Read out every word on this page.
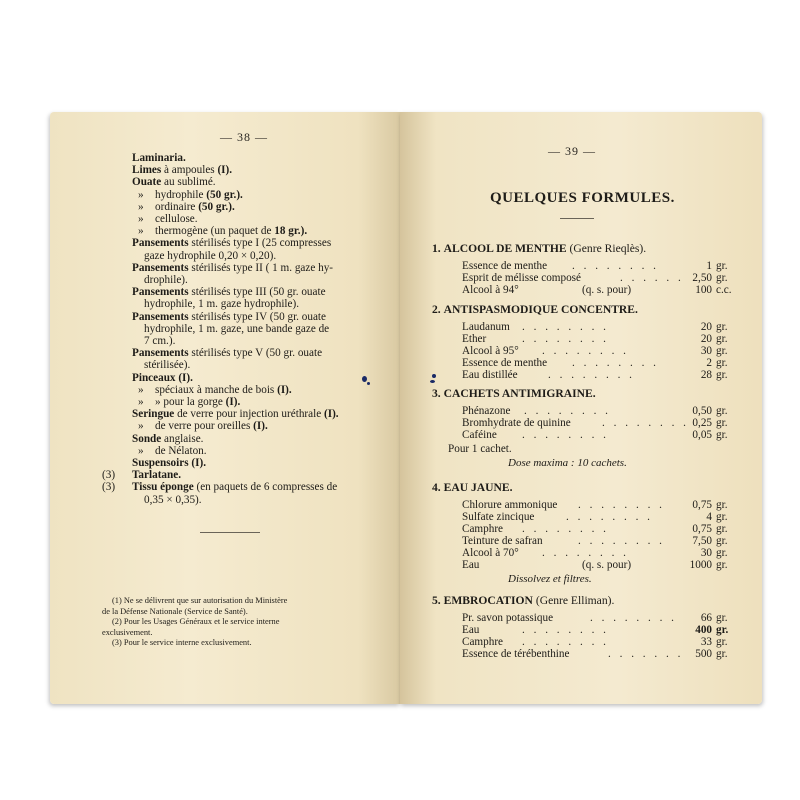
— 38 —
Laminaria.
Limes à ampoules (I).
Ouate au sublimé.
hydrophile (50 gr.).
»
ordinaire (50 gr.).
»
cellulose.
»
thermogène (un paquet de 18 gr.).
»
Pansements stérilisés type I (25 compresses
gaze hydrophile 0,20 × 0,20).
Pansements stérilisés type II ( 1 m. gaze hy-
drophile).
Pansements stérilisés type III (50 gr. ouate
hydrophile, 1 m. gaze hydrophile).
Pansements stérilisés type IV (50 gr. ouate
hydrophile, 1 m. gaze, une bande gaze de
7 cm.).
Pansements stérilisés type V (50 gr. ouate
stérilisée).
Pinceaux (I).
spéciaux à manche de bois (I).
»
» pour la gorge (I).
»
Seringue de verre pour injection uréthrale (I).
de verre pour oreilles (I).
»
Sonde anglaise.
de Nélaton.
»
Suspensoirs (I).
Tarlatane.
(3)
Tissu éponge (en paquets de 6 compresses de
(3)
0,35 × 0,35).
(1) Ne se délivrent que sur autorisation du Ministère
de la Défense Nationale (Service de Santé).
(2) Pour les Usages Généraux et le service interne
exclusivement.
(3) Pour le service interne exclusivement.
— 39 —
QUELQUES FORMULES.
1. ALCOOL DE MENTHE (Genre Rieqlès).
Essence de menthe . . . . . . . .	1 gr.
Esprit de mélisse composé	. . . . . . 2,50 gr.
Alcool à 94°	(q. s. pour)	100 c.c.
2. ANTISPASMODIQUE CONCENTRE.
Laudanum . . . . . . . .	20 gr.
Ether	. . . . . . . .	20 gr.
Alcool à 95° . . . . . . . .	30 gr.
Essence de menthe . . . . . . . .	2 gr.
Eau distillée	. . . . . . . .	28 gr.
3. CACHETS ANTIMIGRAINE.
Phénazone . . . . . . . .	0,50 gr.
Bromhydrate de quinine	. . . . . . . . 0,25 gr.
Caféine . . . . . . . .	0,05 gr.
Pour 1 cachet.
Dose maxima : 10 cachets.
4. EAU JAUNE.
Chlorure ammonique . . . . . . . . 0,75 gr.
Sulfate zincique	. . . . . . . .	4 gr.
Camphre . . . . . . . .	0,75 gr.
Teinture de safran	. . . . . . . . 7,50 gr.
Alcool à 70° . . . . . . . .	30 gr.
Eau	(q. s. pour)	1000 gr.
Dissolvez et filtres.
5. EMBROCATION (Genre Elliman).
Pr. savon potassique	. . . . . . . . 66 gr.
Eau	. . . . . . . .	400 gr.
Camphre . . . . . . . .	33 gr.
Essence de térébenthine	. . . . . . . 500 gr.
